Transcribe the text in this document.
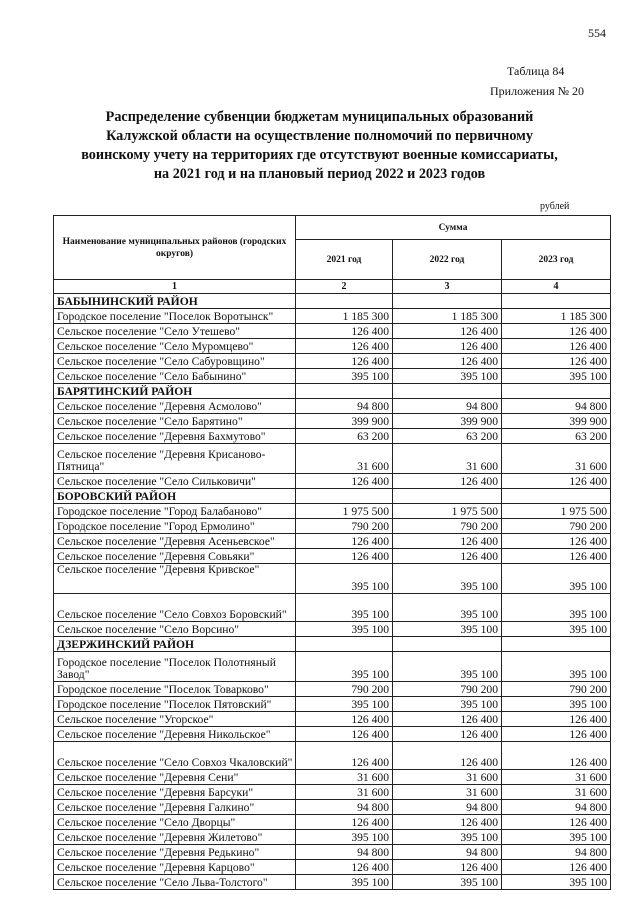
554
Таблица 84
Приложения № 20
Распределение субвенции бюджетам муниципальных образований
Калужской области на осуществление полномочий по первичному
воинскому учету на территориях где отсутствуют военные комиссариаты,
на 2021 год и на плановый период 2022 и 2023 годов
рублей
Наименование муниципальных районов (городских округов)	Сумма		
	2021 год	2022 год	2023 год
1	2	3	4
БАБЫНИНСКИЙ РАЙОН			
Городское поселение "Поселок Воротынск"	1 185 300	1 185 300	1 185 300
Сельское поселение "Село Утешево"	126 400	126 400	126 400
Сельское поселение "Село Муромцево"	126 400	126 400	126 400
Сельское поселение "Село Сабуровщино"	126 400	126 400	126 400
Сельское поселение "Село Бабынино"	395 100	395 100	395 100
БАРЯТИНСКИЙ РАЙОН			
Сельское поселение "Деревня Асмолово"	94 800	94 800	94 800
Сельское поселение "Село Барятино"	399 900	399 900	399 900
Сельское поселение "Деревня Бахмутово"	63 200	63 200	63 200
Сельское поселение "Деревня Крисаново-Пятница"	31 600	31 600	31 600
Сельское поселение "Село Сильковичи"	126 400	126 400	126 400
БОРОВСКИЙ РАЙОН			
Городское поселение "Город Балабаново"	1 975 500	1 975 500	1 975 500
Городское поселение "Город Ермолино"	790 200	790 200	790 200
Сельское поселение "Деревня Асеньевское"	126 400	126 400	126 400
Сельское поселение "Деревня Совьяки"	126 400	126 400	126 400
Сельское поселение "Деревня Кривское"	395 100	395 100	395 100
Сельское поселение "Село Совхоз Боровский"	395 100	395 100	395 100
Сельское поселение "Село Ворсино"	395 100	395 100	395 100
ДЗЕРЖИНСКИЙ РАЙОН			
Городское поселение "Поселок Полотняный Завод"	395 100	395 100	395 100
Городское поселение "Поселок Товарково"	790 200	790 200	790 200
Городское поселение "Поселок Пятовский"	395 100	395 100	395 100
Сельское поселение "Угорское"	126 400	126 400	126 400
Сельское поселение "Деревня Никольское"	126 400	126 400	126 400
Сельское поселение "Село Совхоз Чкаловский"	126 400	126 400	126 400
Сельское поселение "Деревня Сени"	31 600	31 600	31 600
Сельское поселение "Деревня Барсуки"	31 600	31 600	31 600
Сельское поселение "Деревня Галкино"	94 800	94 800	94 800
Сельское поселение "Село Дворцы"	126 400	126 400	126 400
Сельское поселение "Деревня Жилетово"	395 100	395 100	395 100
Сельское поселение "Деревня Редькино"	94 800	94 800	94 800
Сельское поселение "Деревня Карцово"	126 400	126 400	126 400
Сельское поселение "Село Льва-Толстого"	395 100	395 100	395 100
